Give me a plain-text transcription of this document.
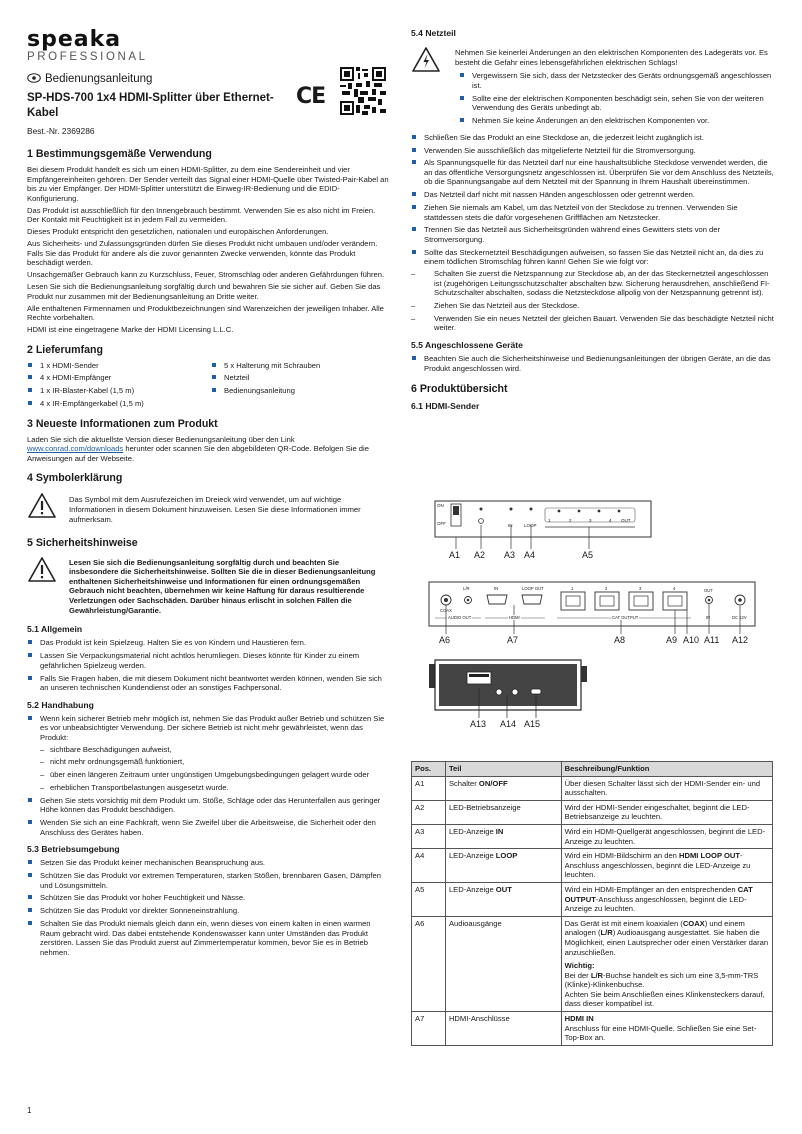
speaka
PROFESSIONAL
Bedienungsanleitung
SP-HDS-700 1x4 HDMI-Splitter über Ethernet-Kabel
Best.-Nr. 2369286
CE
1 Bestimmungsgemäße Verwendung

Bei diesem Produkt handelt es sich um einen HDMI-Splitter, zu dem eine Sendereinheit und vier Empfängereinheiten gehören. Der Sender verteilt das Signal einer HDMI-Quelle über Twisted-Pair-Kabel an bis zu vier Empfänger. Der HDMI-Splitter unterstützt die Einweg-IR-Bedienung und die EDID-Konfigurierung.

Das Produkt ist ausschließlich für den Innengebrauch bestimmt. Verwenden Sie es also nicht im Freien. Der Kontakt mit Feuchtigkeit ist in jedem Fall zu vermeiden.

Dieses Produkt entspricht den gesetzlichen, nationalen und europäischen Anforderungen.

Aus Sicherheits- und Zulassungsgründen dürfen Sie dieses Produkt nicht umbauen und/oder verändern. Falls Sie das Produkt für andere als die zuvor genannten Zwecke verwenden, könnte das Produkt beschädigt werden.

Unsachgemäßer Gebrauch kann zu Kurzschluss, Feuer, Stromschlag oder anderen Gefährdungen führen.

Lesen Sie sich die Bedienungsanleitung sorgfältig durch und bewahren Sie sie sicher auf. Geben Sie das Produkt nur zusammen mit der Bedienungsanleitung an Dritte weiter.

Alle enthaltenen Firmennamen und Produktbezeichnungen sind Warenzeichen der jeweiligen Inhaber. Alle Rechte vorbehalten.

HDMI ist eine eingetragene Marke der HDMI Licensing L.L.C.

2 Lieferumfang
1 x HDMI-Sender
4 x HDMI-Empfänger
1 x IR-Blaster-Kabel (1,5 m)
4 x IR-Empfängerkabel (1,5 m)
5 x Halterung mit Schrauben
Netzteil
Bedienungsanleitung
3 Neueste Informationen zum Produkt

Laden Sie sich die aktuellste Version dieser Bedienungsanleitung über den Link www.conrad.com/downloads herunter oder scannen Sie den abgebildeten QR-Code. Befolgen Sie die Anweisungen auf der Webseite.

4 Symbolerklärung

Das Symbol mit dem Ausrufezeichen im Dreieck wird verwendet, um auf wichtige Informationen in diesem Dokument hinzuweisen. Lesen Sie diese Informationen immer aufmerksam.

5 Sicherheitshinweise

Lesen Sie sich die Bedienungsanleitung sorgfältig durch und beachten Sie insbesondere die Sicherheitshinweise. Sollten Sie die in dieser Bedienungsanleitung enthaltenen Sicherheitshinweise und Informationen für einen ordnungsgemäßen Gebrauch nicht beachten, übernehmen wir keine Haftung für daraus resultierende Verletzungen oder Sachschäden. Darüber hinaus erlischt in solchen Fällen die Gewährleistung/Garantie.

5.1 Allgemein
Das Produkt ist kein Spielzeug. Halten Sie es von Kindern und Haustieren fern.
Lassen Sie Verpackungsmaterial nicht achtlos herumliegen. Dieses könnte für Kinder zu einem gefährlichen Spielzeug werden.
Falls Sie Fragen haben, die mit diesem Dokument nicht beantwortet werden können, wenden Sie sich an unseren technischen Kundendienst oder an sonstiges Fachpersonal.
5.2 Handhabung
Wenn kein sicherer Betrieb mehr möglich ist, nehmen Sie das Produkt außer Betrieb und schützen Sie es vor unbeabsichtigter Verwendung. Der sichere Betrieb ist nicht mehr gewährleistet, wenn das Produkt:
– sichtbare Beschädigungen aufweist,
– nicht mehr ordnungsgemäß funktioniert,
– über einen längeren Zeitraum unter ungünstigen Umgebungsbedingungen gelagert wurde oder
– erheblichen Transportbelastungen ausgesetzt wurde.
Gehen Sie stets vorsichtig mit dem Produkt um. Stöße, Schläge oder das Herunterfallen aus geringer Höhe können das Produkt beschädigen.
Wenden Sie sich an eine Fachkraft, wenn Sie Zweifel über die Arbeitsweise, die Sicherheit oder den Anschluss des Gerätes haben.
5.3 Betriebsumgebung
Setzen Sie das Produkt keiner mechanischen Beanspruchung aus.
Schützen Sie das Produkt vor extremen Temperaturen, starken Stößen, brennbaren Gasen, Dämpfen und Lösungsmitteln.
Schützen Sie das Produkt vor hoher Feuchtigkeit und Nässe.
Schützen Sie das Produkt vor direkter Sonneneinstrahlung.
Schalten Sie das Produkt niemals gleich dann ein, wenn dieses von einem kalten in einen warmen Raum gebracht wird. Das dabei entstehende Kondenswasser kann unter Umständen das Produkt zerstören. Lassen Sie das Produkt zuerst auf Zimmertemperatur kommen, bevor Sie es in Betrieb nehmen.
5.4 Netzteil

Nehmen Sie keinerlei Änderungen an den elektrischen Komponenten des Ladegeräts vor. Es besteht die Gefahr eines lebensgefährlichen elektrischen Schlags!

Vergewissern Sie sich, dass der Netzstecker des Geräts ordnungsgemäß angeschlossen ist.
Sollte eine der elektrischen Komponenten beschädigt sein, sehen Sie von der weiteren Verwendung des Geräts unbedingt ab.
Nehmen Sie keine Änderungen an den elektrischen Komponenten vor.
Schließen Sie das Produkt an eine Steckdose an, die jederzeit leicht zugänglich ist.
Verwenden Sie ausschließlich das mitgelieferte Netzteil für die Stromversorgung.
Als Spannungsquelle für das Netzteil darf nur eine haushaltsübliche Steckdose verwendet werden, die an das öffentliche Versorgungsnetz angeschlossen ist. Überprüfen Sie vor dem Anschluss des Netzteils, ob die Spannungsangabe auf dem Netzteil mit der Spannung in Ihrem Haushalt übereinstimmen.
Das Netzteil darf nicht mit nassen Händen angeschlossen oder getrennt werden.
Ziehen Sie niemals am Kabel, um das Netzteil von der Steckdose zu trennen. Verwenden Sie stattdessen stets die dafür vorgesehenen Griffflächen am Netzstecker.
Trennen Sie das Netzteil aus Sicherheitsgründen während eines Gewitters stets von der Stromversorgung.
Sollte das Steckernetzteil Beschädigungen aufweisen, so fassen Sie das Netzteil nicht an, da dies zu einem tödlichen Stromschlag führen kann! Gehen Sie wie folgt vor:
– Schalten Sie zuerst die Netzspannung zur Steckdose ab, an der das Steckernetzteil angeschlossen ist (zugehörigen Leitungsschutzschalter abschalten bzw. Sicherung herausdrehen, anschließend FI-Schutzschalter abschalten, sodass die Netzsteckdose allpolig von der Netzspannung getrennt ist).
– Ziehen Sie das Netzteil aus der Steckdose.
– Verwenden Sie ein neues Netzteil der gleichen Bauart. Verwenden Sie das beschädigte Netzteil nicht weiter.
5.5 Angeschlossene Geräte
Beachten Sie auch die Sicherheitshinweise und Bedienungsanleitungen der übrigen Geräte, an die das Produkt angeschlossen wird.
6 Produktübersicht
6.1 HDMI-Sender
ON
OFF	IN	LOOP
1	2	3	4 OUT
A1 A2 A3 A4	A5
COAX
L/R	IN	LOOP OUT	1	2	3	4	OUT
AUDIO OUT	HDMI	CAT OUTPUT	IR	DC 12V
A6	A7	A8	A9 A10 A11 A12
A13 A14 A15
Pos.	Teil	Beschreibung/Funktion
A1	Schalter ON/OFF	Über diesen Schalter lässt sich der HDMI-Sender ein- und ausschalten.
A2	LED-Betriebsanzeige	Wird der HDMI-Sender eingeschaltet, beginnt die LED-Betriebsanzeige zu leuchten.
A3	LED-Anzeige IN	Wird ein HDMI-Quellgerät angeschlossen, beginnt die LED-Anzeige zu leuchten.
A4	LED-Anzeige LOOP	Wird ein HDMI-Bildschirm an den HDMI LOOP OUT-Anschluss angeschlossen, beginnt die LED-Anzeige zu leuchten.
A5	LED-Anzeige OUT	Wird ein HDMI-Empfänger an den entsprechenden CAT OUTPUT-Anschluss angeschlossen, beginnt die LED-Anzeige zu leuchten.
A6	Audioausgänge	Das Gerät ist mit einem koaxialen (COAX) und einem analogen (L/R) Audioausgang ausgestattet. Sie haben die Möglichkeit, einen Lautsprecher oder einen Verstärker daran anzuschließen.
Wichtig:
Bei der L/R-Buchse handelt es sich um eine 3,5-mm-TRS (Klinke)-Klinkenbuchse.
Achten Sie beim Anschließen eines Klinkensteckers darauf, dass dieser kompatibel ist.

A7	HDMI-Anschlüsse	HDMI IN
Anschluss für eine HDMI-Quelle. Schließen Sie eine Set-Top-Box an.
1
